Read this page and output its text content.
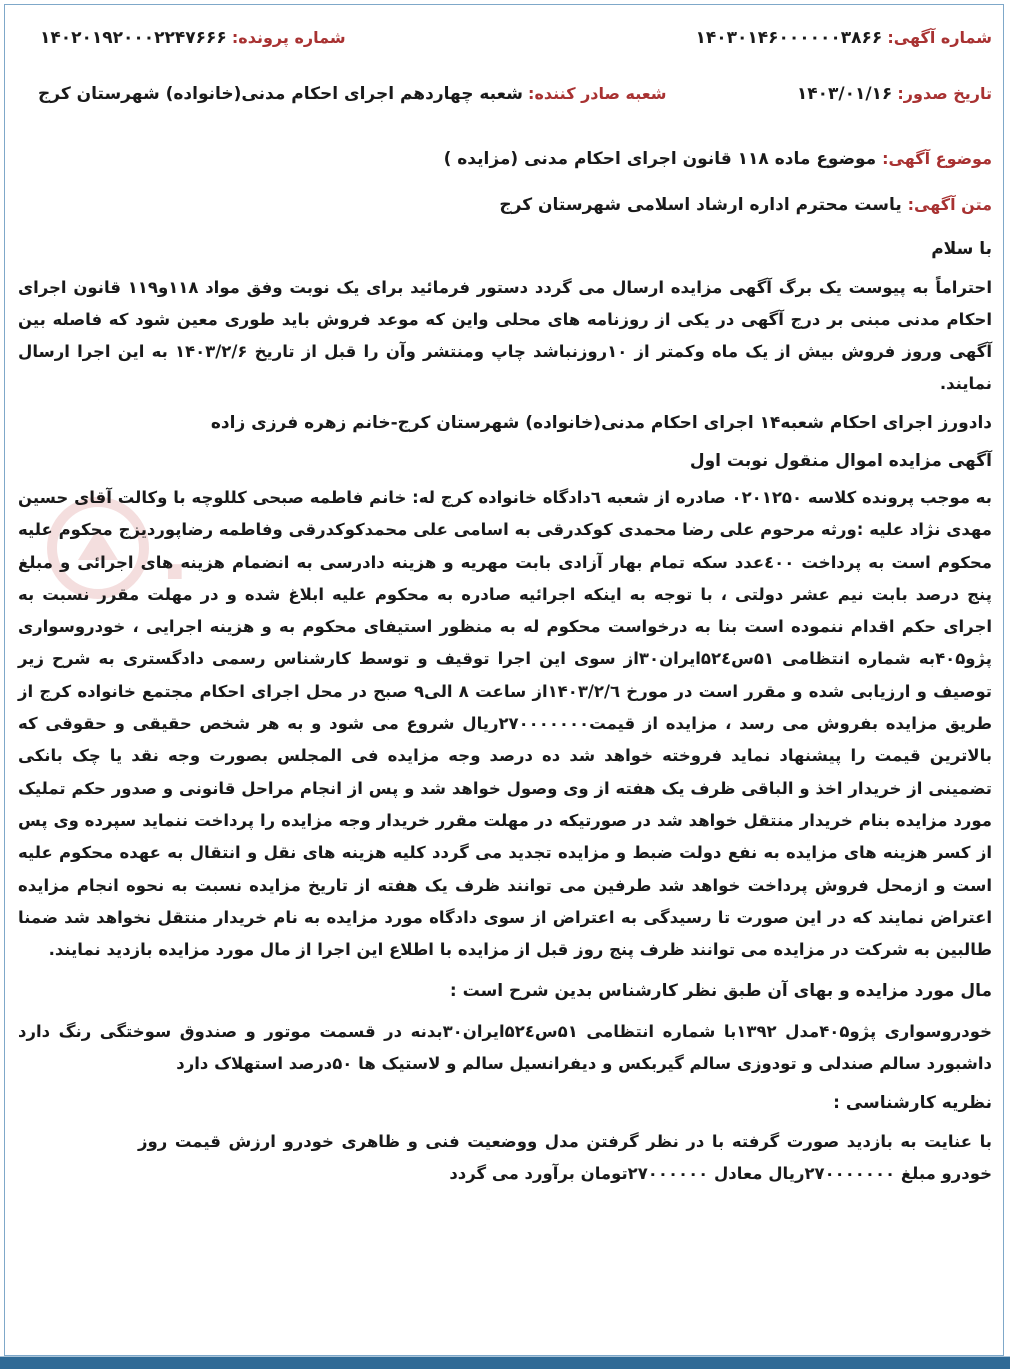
شماره آگهی: ۱۴۰۳۰۱۴۶۰۰۰۰۰۰۳۸۶۶
شماره پرونده: ۱۴۰۲۰۱۹۲۰۰۰۲۲۴۷۶۶۶
تاریخ صدور: ۱۴۰۳/۰۱/۱۶
شعبه صادر کننده: شعبه چهاردهم اجرای احکام مدنی(خانواده) شهرستان کرج
موضوع آگهی: موضوع ماده ۱۱۸ قانون اجرای احکام مدنی (مزایده )
متن آگهی: یاست محترم اداره ارشاد اسلامی شهرستان کرج
با سلام
احتراماً به پیوست یک برگ آگهی مزایده ارسال می گردد دستور فرمائید برای یک نوبت وفق مواد ۱۱۸و۱۱۹ قانون اجرای احکام مدنی مبنی بر درج آگهی در یکی از روزنامه های محلی واین که موعد فروش باید طوری معین شود که فاصله بین آگهی وروز فروش بیش از یک ماه وکمتر از ۱۰روزنباشد چاپ ومنتشر وآن را قبل از تاریخ ۱۴۰۳/۲/۶ به این اجرا ارسال نمایند.
دادورز اجرای احکام شعبه۱۴ اجرای احکام مدنی(خانواده) شهرستان کرج-خانم زهره فرزی زاده
آگهی مزایده اموال منقول نوبت اول
به موجب پرونده کلاسه ۰۲۰۱۲۵۰ صادره از شعبه ٦دادگاه خانواده کرج له: خانم فاطمه صبحی کللوچه با وکالت آقای حسین مهدی نژاد علیه :ورثه مرحوم علی رضا محمدی کوکدرقی به اسامی علی محمدکوکدرقی وفاطمه رضاپوردیزج محکوم علیه محکوم است به پرداخت ٤۰۰عدد سکه تمام بهار آزادی بابت مهریه و هزینه دادرسی به انضمام هزینه های اجرائی و مبلغ پنج درصد بابت نیم عشر دولتی ، با توجه به اینکه اجرائیه صادره به محکوم علیه ابلاغ شده و در مهلت مقرر نسبت به اجرای حکم اقدام ننموده است بنا به درخواست محکوم له به منظور استیفای محکوم به و هزینه اجرایی ، خودروسواری پژو۴۰۵به شماره انتظامی ۵۱س۵۲٤ایران۳۰از سوی این اجرا توقیف و توسط کارشناس رسمی دادگستری به شرح زیر توصیف و ارزیابی شده و مقرر است در مورخ ۱۴۰۳/۲/٦از ساعت ۸ الی۹ صبح در محل اجرای احکام مجتمع خانواده کرج از طریق مزایده بفروش می رسد ، مزایده از قیمت۲۷۰۰۰۰۰۰۰ریال شروع می شود و به هر شخص حقیقی و حقوقی که بالاترین قیمت را پیشنهاد نماید فروخته خواهد شد ده درصد وجه مزایده فی المجلس بصورت وجه نقد یا چک بانکی تضمینی از خریدار اخذ و الباقی ظرف یک هفته از وی وصول خواهد شد و پس از انجام مراحل قانونی و صدور حکم تملیک مورد مزایده بنام خریدار منتقل خواهد شد در صورتیکه در مهلت مقرر خریدار وجه مزایده را پرداخت ننماید سپرده وی پس از کسر هزینه های مزایده به نفع دولت ضبط و مزایده تجدید می گردد کلیه هزینه های نقل و انتقال به عهده محکوم علیه است و ازمحل فروش پرداخت خواهد شد طرفین می توانند ظرف یک هفته از تاریخ مزایده نسبت به نحوه انجام مزایده اعتراض نمایند که در این صورت تا رسیدگی به اعتراض از سوی دادگاه مورد مزایده به نام خریدار منتقل نخواهد شد ضمنا طالبین به شرکت در مزایده می توانند ظرف پنج روز قبل از مزایده با اطلاع این اجرا از مال مورد مزایده بازدید نمایند.
مال مورد مزایده و بهای آن طبق نظر کارشناس بدین شرح است :
خودروسواری پژو۴۰۵مدل ۱۳۹۲با شماره انتظامی ۵۱س۵۲٤ایران۳۰بدنه در قسمت موتور و صندوق سوختگی رنگ دارد داشبورد سالم صندلی و تودوزی سالم گیربکس و دیفرانسیل سالم و لاستیک ها ۵۰درصد استهلاک دارد
نظریه کارشناسی :
با عنایت به بازدید صورت گرفته با در نظر گرفتن مدل ووضعیت فنی و ظاهری خودرو ارزش قیمت روز خودرو مبلغ ۲۷۰۰۰۰۰۰۰ریال معادل ۲۷۰۰۰۰۰۰تومان برآورد می گردد
